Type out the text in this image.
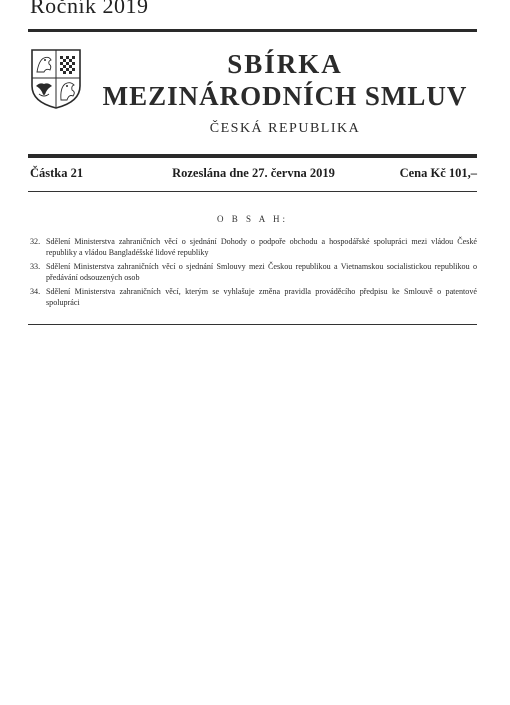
Ročník 2019
SBÍRKA
MEZINÁRODNÍCH SMLUV
ČESKÁ REPUBLIKA
Částka 21	Rozeslána dne 27. června 2019	Cena Kč 101,–
O B S A H:
32. Sdělení Ministerstva zahraničních věcí o sjednání Dohody o podpoře obchodu a hospodářské spolupráci mezi vládou České republiky a vládou Bangladéšské lidové republiky
33. Sdělení Ministerstva zahraničních věcí o sjednání Smlouvy mezi Českou republikou a Vietnamskou socialistickou republikou o předávání odsouzených osob
34. Sdělení Ministerstva zahraničních věcí, kterým se vyhlašuje změna pravidla prováděcího předpisu ke Smlouvě o patentové spolupráci
